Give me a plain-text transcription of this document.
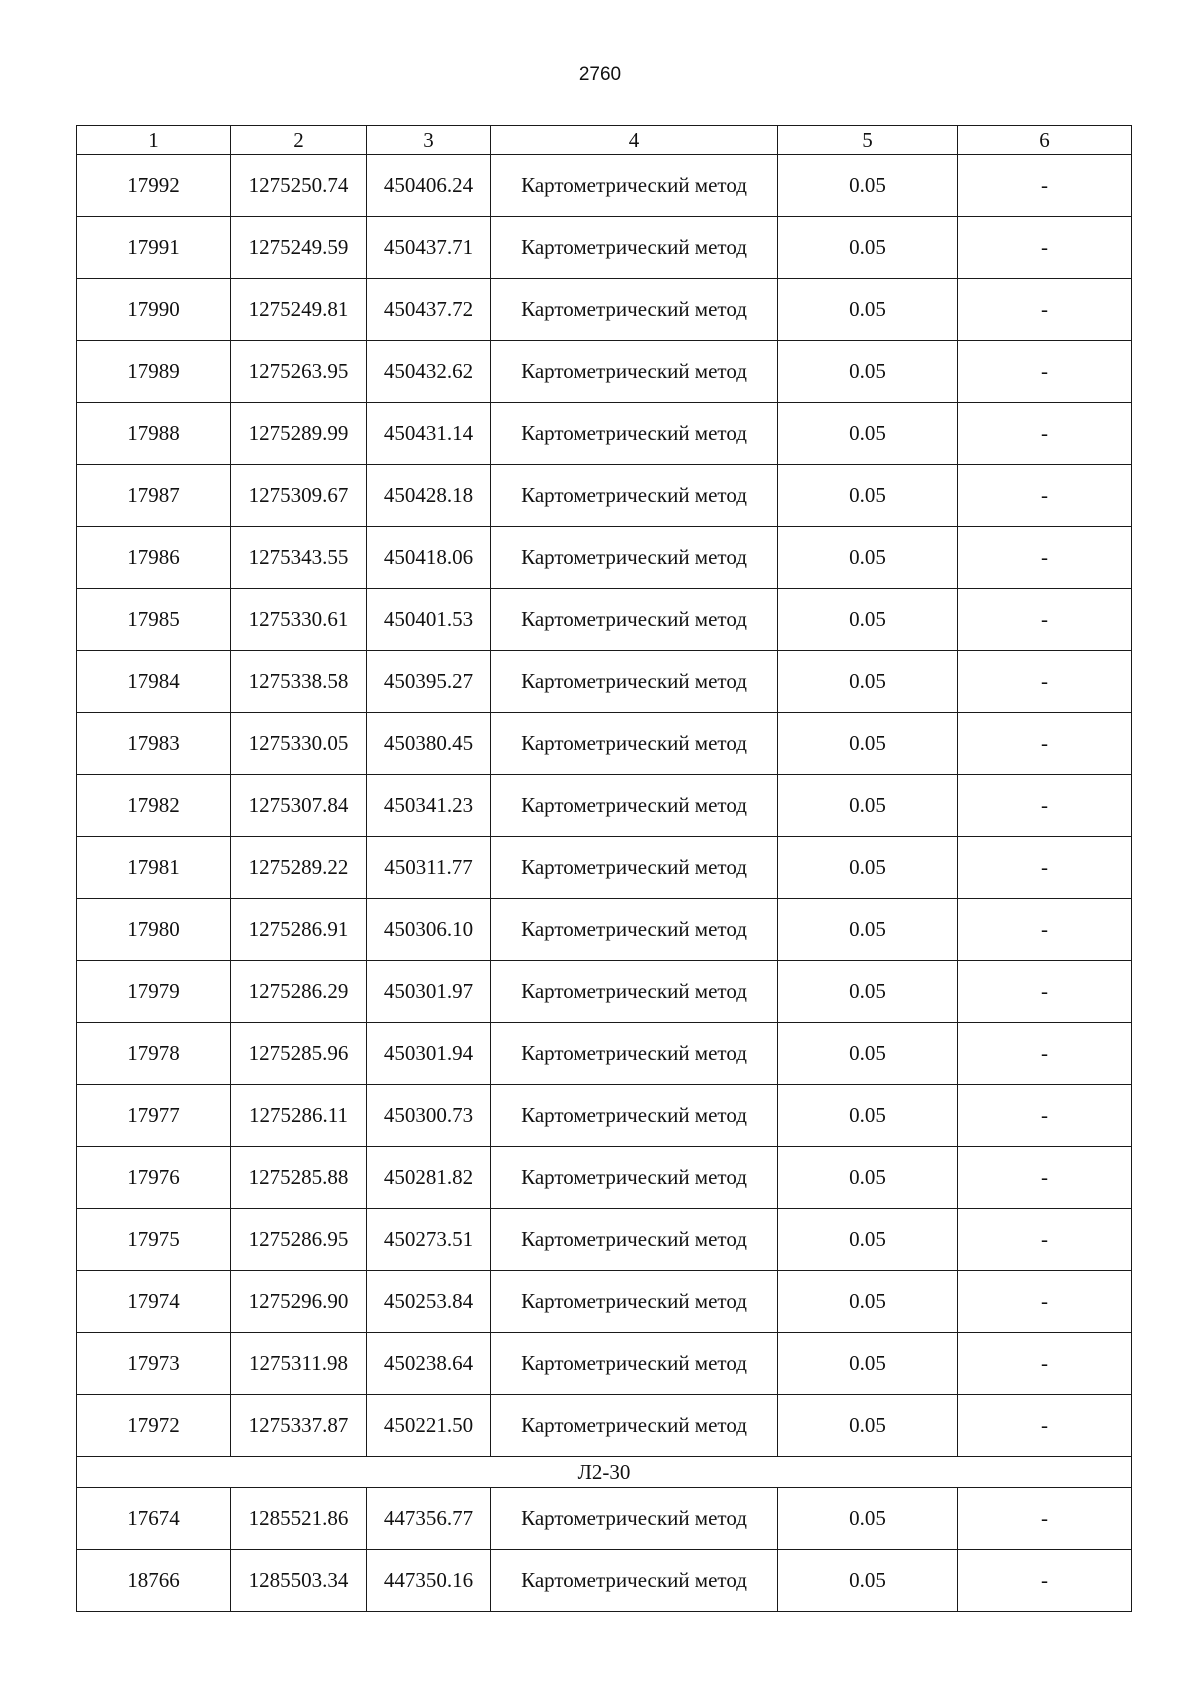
2760
1	2	3	4	5	6
17992	1275250.74	450406.24	Картометрический метод	0.05	-
17991	1275249.59	450437.71	Картометрический метод	0.05	-
17990	1275249.81	450437.72	Картометрический метод	0.05	-
17989	1275263.95	450432.62	Картометрический метод	0.05	-
17988	1275289.99	450431.14	Картометрический метод	0.05	-
17987	1275309.67	450428.18	Картометрический метод	0.05	-
17986	1275343.55	450418.06	Картометрический метод	0.05	-
17985	1275330.61	450401.53	Картометрический метод	0.05	-
17984	1275338.58	450395.27	Картометрический метод	0.05	-
17983	1275330.05	450380.45	Картометрический метод	0.05	-
17982	1275307.84	450341.23	Картометрический метод	0.05	-
17981	1275289.22	450311.77	Картометрический метод	0.05	-
17980	1275286.91	450306.10	Картометрический метод	0.05	-
17979	1275286.29	450301.97	Картометрический метод	0.05	-
17978	1275285.96	450301.94	Картометрический метод	0.05	-
17977	1275286.11	450300.73	Картометрический метод	0.05	-
17976	1275285.88	450281.82	Картометрический метод	0.05	-
17975	1275286.95	450273.51	Картометрический метод	0.05	-
17974	1275296.90	450253.84	Картометрический метод	0.05	-
17973	1275311.98	450238.64	Картометрический метод	0.05	-
17972	1275337.87	450221.50	Картометрический метод	0.05	-
Л2-30					
17674	1285521.86	447356.77	Картометрический метод	0.05	-
18766	1285503.34	447350.16	Картометрический метод	0.05	-
